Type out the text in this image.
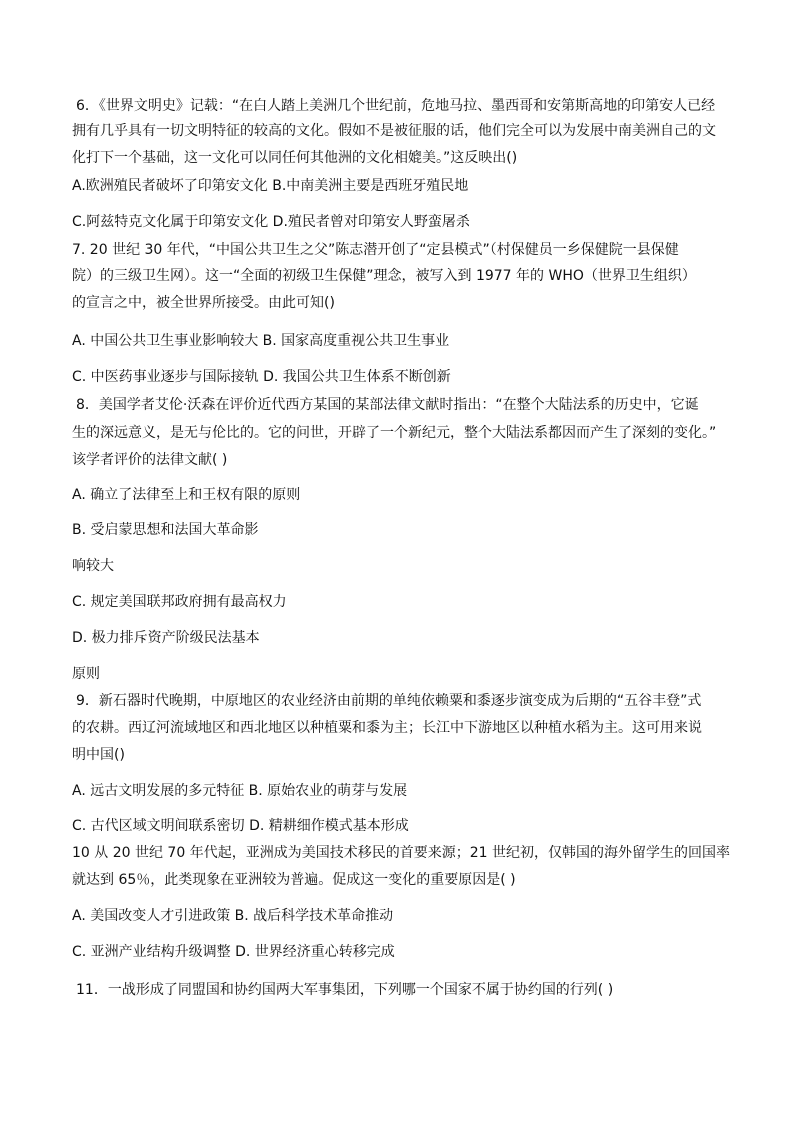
6．《世界文明史》记载：“在白人踏上美洲几个世纪前，危地马拉、墨西哥和安第斯高地的印第安人已经
拥有几乎具有一切文明特征的较高的文化。假如不是被征服的话，他们完全可以为发展中南美洲自己的文
化打下一个基础，这一文化可以同任何其他洲的文化相媲美。”这反映出()
A.欧洲殖民者破坏了印第安文化 B.中南美洲主要是西班牙殖民地
C.阿兹特克文化属于印第安文化 D.殖民者曾对印第安人野蛮屠杀
7. 20 世纪 30 年代，“中国公共卫生之父”陈志潜开创了“定县模式”（村保健员一乡保健院一县保健
院）的三级卫生网）。这一“全面的初级卫生保健”理念，被写入到 1977 年的 WHO（世界卫生组织）
的宣言之中，被全世界所接受。由此可知()
A. 中国公共卫生事业影响较大 B. 国家高度重视公共卫生事业
C. 中医药事业逐步与国际接轨 D. 我国公共卫生体系不断创新
8．美国学者艾伦·沃森在评价近代西方某国的某部法律文献时指出：“在整个大陆法系的历史中，它诞
生的深远意义，是无与伦比的。它的问世，开辟了一个新纪元，整个大陆法系都因而产生了深刻的变化。”
该学者评价的法律文献( )
A. 确立了法律至上和王权有限的原则
B. 受启蒙思想和法国大革命影
响较大
C. 规定美国联邦政府拥有最高权力
D. 极力排斥资产阶级民法基本
原则
9．新石器时代晚期，中原地区的农业经济由前期的单纯依赖粟和黍逐步演变成为后期的“五谷丰登”式
的农耕。西辽河流域地区和西北地区以种植粟和黍为主；长江中下游地区以种植水稻为主。这可用来说
明中国()
A. 远古文明发展的多元特征 B. 原始农业的萌芽与发展
C. 古代区域文明间联系密切 D. 精耕细作模式基本形成
10 从 20 世纪 70 年代起，亚洲成为美国技术移民的首要来源；21 世纪初，仅韩国的海外留学生的回国率
就达到 65％，此类现象在亚洲较为普遍。促成这一变化的重要原因是( )
A. 美国改变人才引进政策 B. 战后科学技术革命推动
C. 亚洲产业结构升级调整 D. 世界经济重心转移完成
11．一战形成了同盟国和协约国两大军事集团，下列哪一个国家不属于协约国的行列( )
